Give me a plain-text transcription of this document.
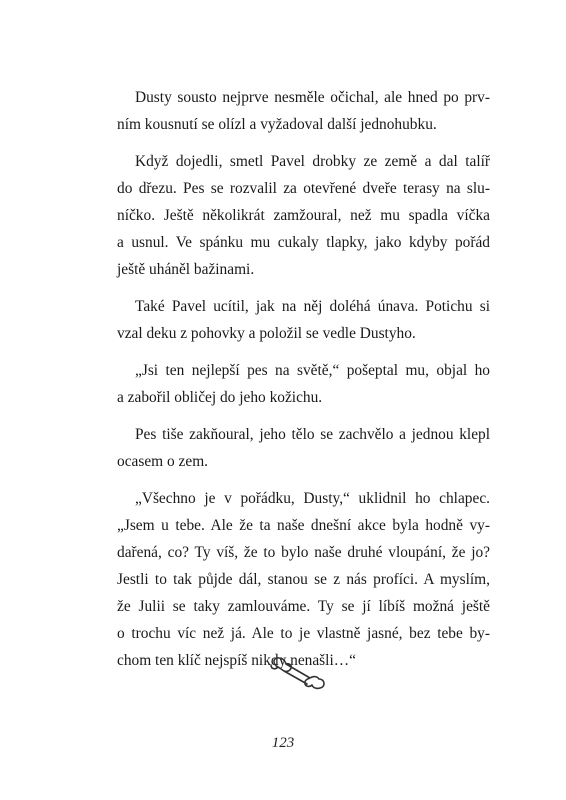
Dusty sousto nejprve nesměle očichal, ale hned po prv-
ním kousnutí se olízl a vyžadoval další jednohubku.
Když dojedli, smetl Pavel drobky ze země a dal talíř
do dřezu. Pes se rozvalil za otevřené dveře terasy na slu-
níčko. Ještě několikrát zamžoural, než mu spadla víčka
a usnul. Ve spánku mu cukaly tlapky, jako kdyby pořád
ještě uháněl bažinami.
Také Pavel ucítil, jak na něj doléhá únava. Potichu si
vzal deku z pohovky a položil se vedle Dustyho.
„Jsi ten nejlepší pes na světě,“ pošeptal mu, objal ho
a zabořil obličej do jeho kožichu.
Pes tiše zakňoural, jeho tělo se zachvělo a jednou klepl
ocasem o zem.
„Všechno je v pořádku, Dusty,“ uklidnil ho chlapec.
„Jsem u tebe. Ale že ta naše dnešní akce byla hodně vy-
dařená, co? Ty víš, že to bylo naše druhé vloupání, že jo?
Jestli to tak půjde dál, stanou se z nás profíci. A myslím,
že Julii se taky zamlouváme. Ty se jí líbíš možná ještě
o trochu víc než já. Ale to je vlastně jasné, bez tebe by-
chom ten klíč nejspíš nikdy nenašli…“
123
